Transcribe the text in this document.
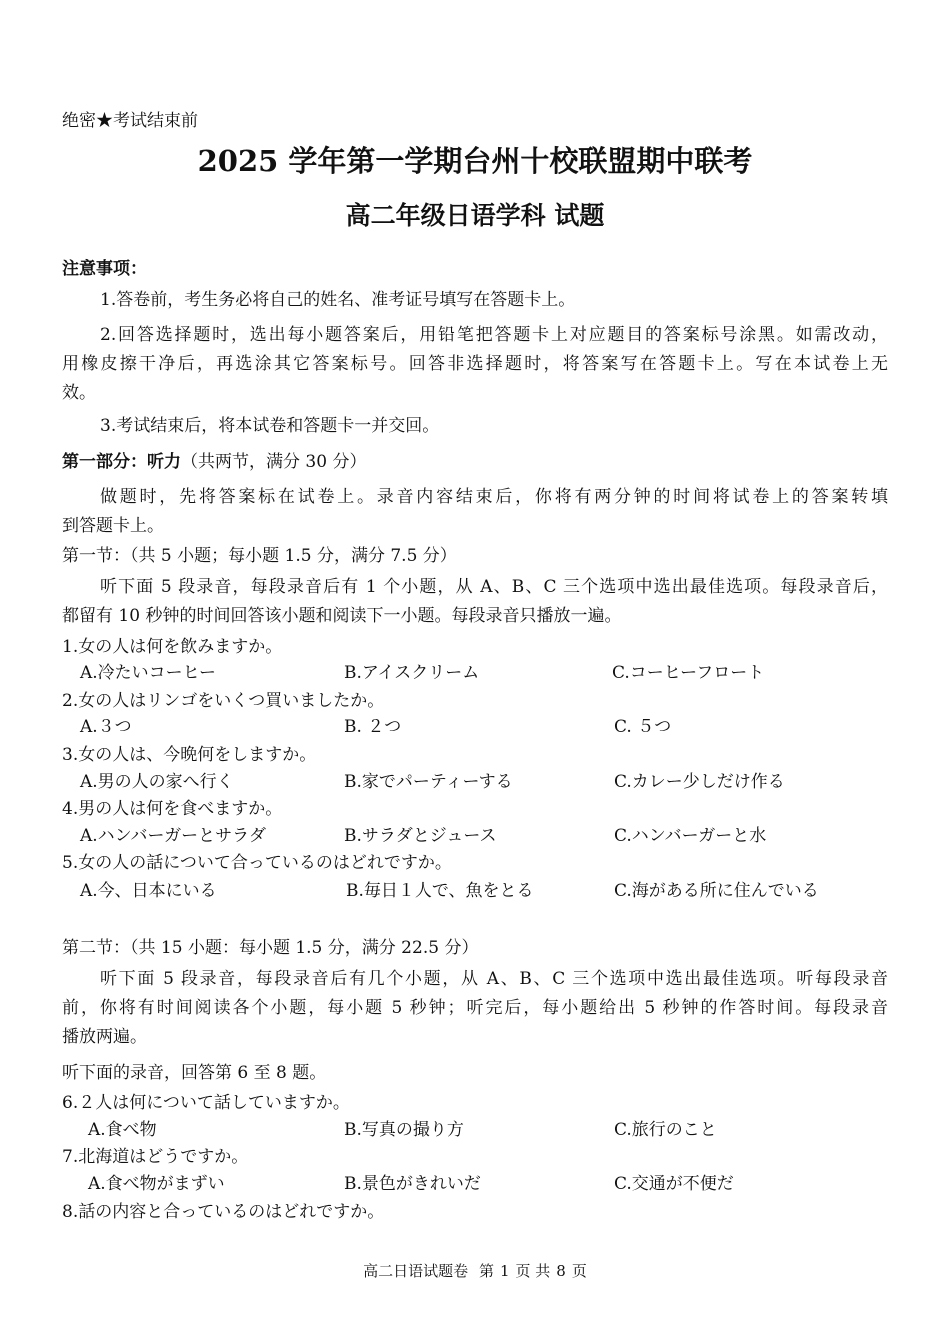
绝密★考试结束前
2025 学年第一学期台州十校联盟期中联考
高二年级日语学科 试题
注意事项：
1.答卷前，考生务必将自己的姓名、准考证号填写在答题卡上。
2.回答选择题时，选出每小题答案后，用铅笔把答题卡上对应题目的答案标号涂黑。如需改动，
用橡皮擦干净后，再选涂其它答案标号。回答非选择题时，将答案写在答题卡上。写在本试卷上无
效。
3.考试结束后，将本试卷和答题卡一并交回。
第一部分：听力（共两节，满分 30 分）
做题时，先将答案标在试卷上。录音内容结束后，你将有两分钟的时间将试卷上的答案转填
到答题卡上。
第一节：（共 5 小题；每小题 1.5 分，满分 7.5 分）
听下面 5 段录音，每段录音后有 1 个小题，从 A、B、C 三个选项中选出最佳选项。每段录音后，
都留有 10 秒钟的时间回答该小题和阅读下一小题。每段录音只播放一遍。
1.女の人は何を飲みますか。
A.冷たいコーヒー	B.アイスクリーム	C.コーヒーフロート
2.女の人はリンゴをいくつ買いましたか。
A.３つ	B. ２つ	C. ５つ
3.女の人は、今晩何をしますか。
A.男の人の家へ行く	B.家でパーティーする	C.カレー少しだけ作る
4.男の人は何を食べますか。
A.ハンバーガーとサラダ	B.サラダとジュース	C.ハンバーガーと水
5.女の人の話について合っているのはどれですか。
A.今、日本にいる	B.毎日１人で、魚をとる	C.海がある所に住んでいる
第二节：（共 15 小题：每小题 1.5 分，满分 22.5 分）
听下面 5 段录音，每段录音后有几个小题，从 A、B、C 三个选项中选出最佳选项。听每段录音
前，你将有时间阅读各个小题，每小题 5 秒钟；听完后，每小题给出 5 秒钟的作答时间。每段录音
播放两遍。
听下面的录音，回答第 6 至 8 题。
6.２人は何について話していますか。
A.食べ物	B.写真の撮り方	C.旅行のこと
7.北海道はどうですか。
A.食べ物がまずい	B.景色がきれいだ	C.交通が不便だ
8.話の内容と合っているのはどれですか。
高二日语试题卷 第 1 页 共 8 页
